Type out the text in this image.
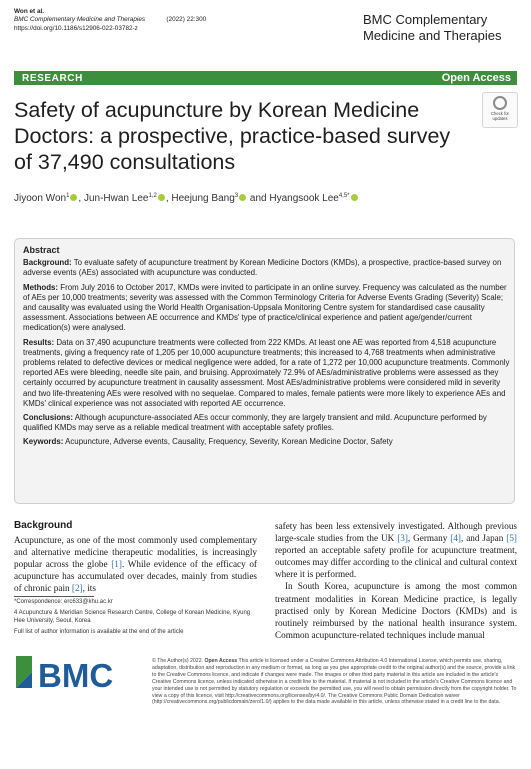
Won et al.
BMC Complementary Medicine and Therapies	(2022) 22:300
https://doi.org/10.1186/s12906-022-03782-z
BMC Complementary
Medicine and Therapies
RESEARCH	Open Access
Safety of acupuncture by Korean Medicine Doctors: a prospective, practice-based survey of 37,490 consultations
Check for
updates
Jiyoon Won$^1$ , Jun-Hwan Lee$^{1,2}$ , Heejung Bang$^3$ and Hyangsook Lee$^{4,5*}$
Abstract

Background: To evaluate safety of acupuncture treatment by Korean Medicine Doctors (KMDs), a prospective, practice-based survey on adverse events (AEs) associated with acupuncture was conducted.

Methods: From July 2016 to October 2017, KMDs were invited to participate in an online survey. Frequency was calculated as the number of AEs per 10,000 treatments; severity was assessed with the Common Terminology Criteria for Adverse Events Grading (Severity) Scale; and causality was evaluated using the World Health Organisation-Uppsala Monitoring Centre system for standardised case causality assessment. Associations between AE occurrence and KMDs' type of practice/clinical experience and patient age/gender/current medication(s) were analysed.

Results: Data on 37,490 acupuncture treatments were collected from 222 KMDs. At least one AE was reported from 4,518 acupuncture treatments, giving a frequency rate of 1,205 per 10,000 acupuncture treatments; this increased to 4,768 treatments when administrative problems related to defective devices or medical negligence were added, for a rate of 1,272 per 10,000 acupuncture treatments. Commonly reported AEs were bleeding, needle site pain, and bruising. Approximately 72.9% of AEs/administrative problems were assessed as they certainly occurred by acupuncture treatment in causality assessment. Most AEs/administrative problems were considered mild in severity and two life-threatening AEs were resolved with no sequelae. Compared to males, female patients were more likely to experience AEs and KMDs' clinical experience was not associated with reported AE occurrence.

Conclusions: Although acupuncture-associated AEs occur commonly, they are largely transient and mild. Acupuncture performed by qualified KMDs may serve as a reliable medical treatment with acceptable safety profiles.

Keywords: Acupuncture, Adverse events, Causality, Frequency, Severity, Korean Medicine Doctor, Safety

Background

Acupuncture, as one of the most commonly used complementary and alternative medicine therapeutic modalities, is increasingly popular across the globe [1]. While evidence of the efficacy of acupuncture has accumulated over decades, mainly from studies of chronic pain [2], its

safety has been less extensively investigated. Although previous large-scale studies from the UK [3], Germany [4], and Japan [5] reported an acceptable safety profile for acupuncture treatment, outcomes may differ according to the clinical and cultural context where it is performed.

In South Korea, acupuncture is among the most common treatment modalities in Korean Medicine practice, is legally practised only by Korean Medicine Doctors (KMDs) and is routinely reimbursed by the national health insurance system. Common acupuncture-related techniques include manual

*Correspondence: erc633@khu.ac.kr

4 Acupuncture & Meridian Science Research Centre, College of Korean Medicine, Kyung Hee University, Seoul, Korea

Full list of author information is available at the end of the article

BMC	© The Author(s) 2022. Open Access This article is licensed under a Creative Commons Attribution 4.0 International License, which permits use, sharing, adaptation, distribution and reproduction in any medium or format, as long as you give appropriate credit to the original author(s) and the source, provide a link to the Creative Commons licence, and indicate if changes were made. The images or other third party material in this article are included in the article's Creative Commons licence, unless indicated otherwise in a credit line to the material. If material is not included in the article's Creative Commons licence and your intended use is not permitted by statutory regulation or exceeds the permitted use, you will need to obtain permission directly from the copyright holder. To view a copy of this licence, visit http://creativecommons.org/licenses/by/4.0/. The Creative Commons Public Domain Dedication waiver (http://creativecommons.org/publicdomain/zero/1.0/) applies to the data made available in this article, unless otherwise stated in a credit line to the data.
